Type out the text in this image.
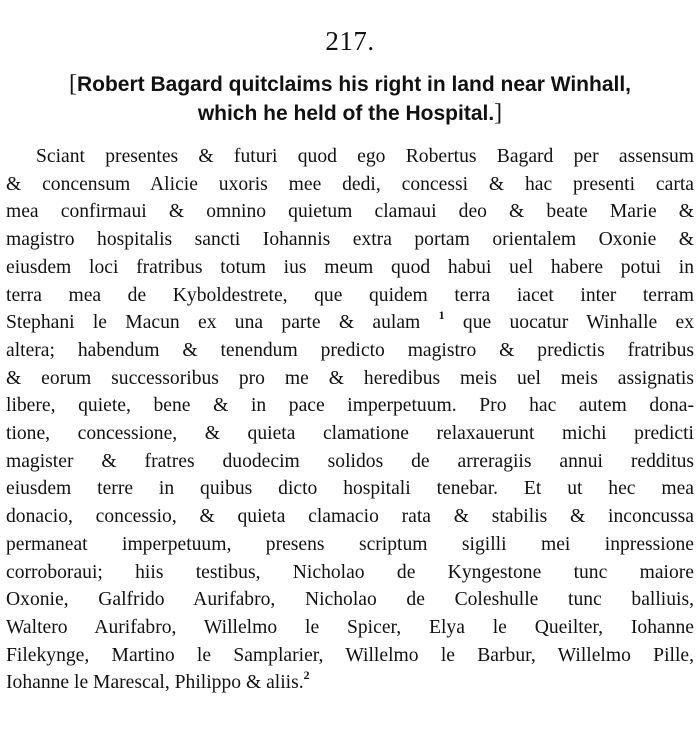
217.
[Robert Bagard quitclaims his right in land near Winhall,
which he held of the Hospital.]
Sciant presentes & futuri quod ego Robertus Bagard per assensum
& concensum Alicie uxoris mee dedi, concessi & hac presenti carta
mea confirmaui & omnino quietum clamaui deo & beate Marie &
magistro hospitalis sancti Iohannis extra portam orientalem Oxonie &
eiusdem loci fratribus totum ius meum quod habui uel habere potui in
terra mea de Kyboldestrete, que quidem terra iacet inter terram
Stephani le Macun ex una parte & aulam $^1$ que uocatur Winhalle ex
altera; habendum & tenendum predicto magistro & predictis fratribus
& eorum successoribus pro me & heredibus meis uel meis assignatis
libere, quiete, bene & in pace imperpetuum. Pro hac autem dona-
tione, concessione, & quieta clamatione relaxauerunt michi predicti
magister & fratres duodecim solidos de arreragiis annui redditus
eiusdem terre in quibus dicto hospitali tenebar. Et ut hec mea
donacio, concessio, & quieta clamacio rata & stabilis & inconcussa
permaneat imperpetuum, presens scriptum sigilli mei inpressione
corroboraui; hiis testibus, Nicholao de Kyngestone tunc maiore
Oxonie, Galfrido Aurifabro, Nicholao de Coleshulle tunc balliuis,
Waltero Aurifabro, Willelmo le Spicer, Elya le Queilter, Iohanne
Filekynge, Martino le Samplarier, Willelmo le Barbur, Willelmo Pille,
Iohanne le Marescal, Philippo & aliis.$^2$
